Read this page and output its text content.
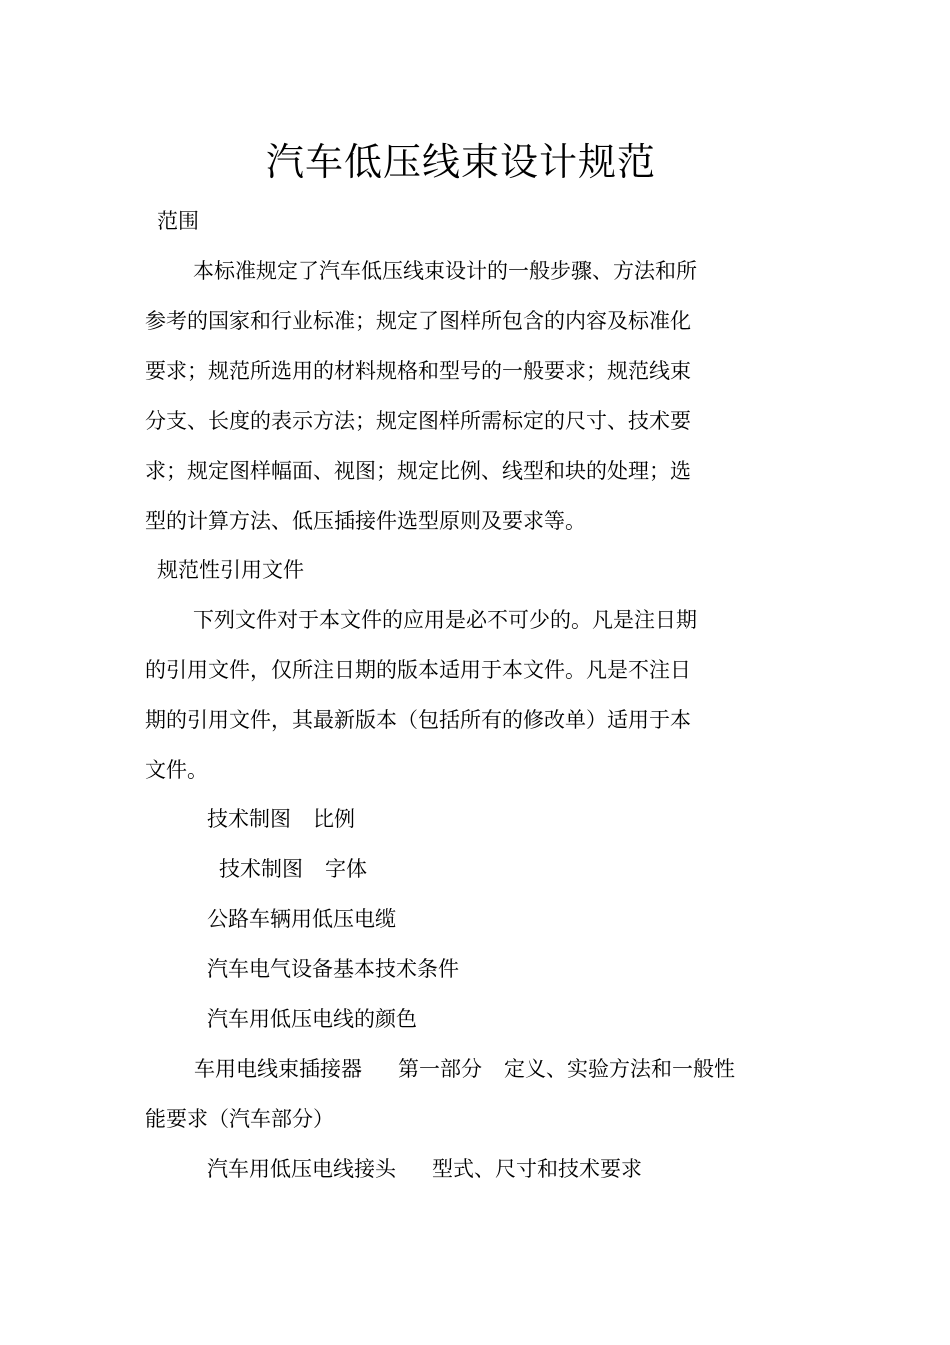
汽车低压线束设计规范
范围
本标准规定了汽车低压线束设计的一般步骤、方法和所
参考的国家和行业标准；规定了图样所包含的内容及标准化
要求；规范所选用的材料规格和型号的一般要求；规范线束
分支、长度的表示方法；规定图样所需标定的尺寸、技术要
求；规定图样幅面、视图；规定比例、线型和块的处理；选
型的计算方法、低压插接件选型原则及要求等。
规范性引用文件
下列文件对于本文件的应用是必不可少的。凡是注日期
的引用文件，仅所注日期的版本适用于本文件。凡是不注日
期的引用文件，其最新版本（包括所有的修改单）适用于本
文件。
技术制图 比例
技术制图 字体
公路车辆用低压电缆
汽车电气设备基本技术条件
汽车用低压电线的颜色
车用电线束插接器 第一部分 定义、实验方法和一般性
能要求（汽车部分）
汽车用低压电线接头 型式、尺寸和技术要求
